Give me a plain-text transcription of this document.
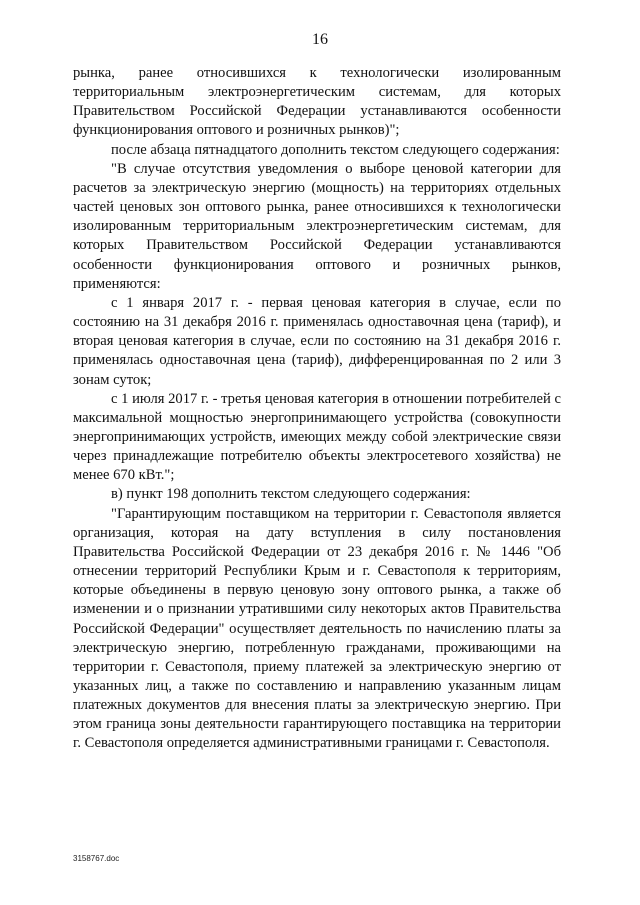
16

рынка, ранее относившихся к технологически изолированным территориальным электроэнергетическим системам, для которых Правительством Российской Федерации устанавливаются особенности функционирования оптового и розничных рынков)";

после абзаца пятнадцатого дополнить текстом следующего содержания:

"В случае отсутствия уведомления о выборе ценовой категории для расчетов за электрическую энергию (мощность) на территориях отдельных частей ценовых зон оптового рынка, ранее относившихся к технологически изолированным территориальным электроэнергетическим системам, для которых Правительством Российской Федерации устанавливаются особенности функционирования оптового и розничных рынков, применяются:

с 1 января 2017 г. - первая ценовая категория в случае, если по состоянию на 31 декабря 2016 г. применялась одноставочная цена (тариф), и вторая ценовая категория в случае, если по состоянию на 31 декабря 2016 г. применялась одноставочная цена (тариф), дифференцированная по 2 или 3 зонам суток;

с 1 июля 2017 г. - третья ценовая категория в отношении потребителей с максимальной мощностью энергопринимающего устройства (совокупности энергопринимающих устройств, имеющих между собой электрические связи через принадлежащие потребителю объекты электросетевого хозяйства) не менее 670 кВт.";

в) пункт 198 дополнить текстом следующего содержания:

"Гарантирующим поставщиком на территории г. Севастополя является организация, которая на дату вступления в силу постановления Правительства Российской Федерации от 23 декабря 2016 г. № 1446 "Об отнесении территорий Республики Крым и г. Севастополя к территориям, которые объединены в первую ценовую зону оптового рынка, а также об изменении и о признании утратившими силу некоторых актов Правительства Российской Федерации" осуществляет деятельность по начислению платы за электрическую энергию, потребленную гражданами, проживающими на территории г. Севастополя, приему платежей за электрическую энергию от указанных лиц, а также по составлению и направлению указанным лицам платежных документов для внесения платы за электрическую энергию. При этом граница зоны деятельности гарантирующего поставщика на территории г. Севастополя определяется административными границами г. Севастополя.

3158767.doc
